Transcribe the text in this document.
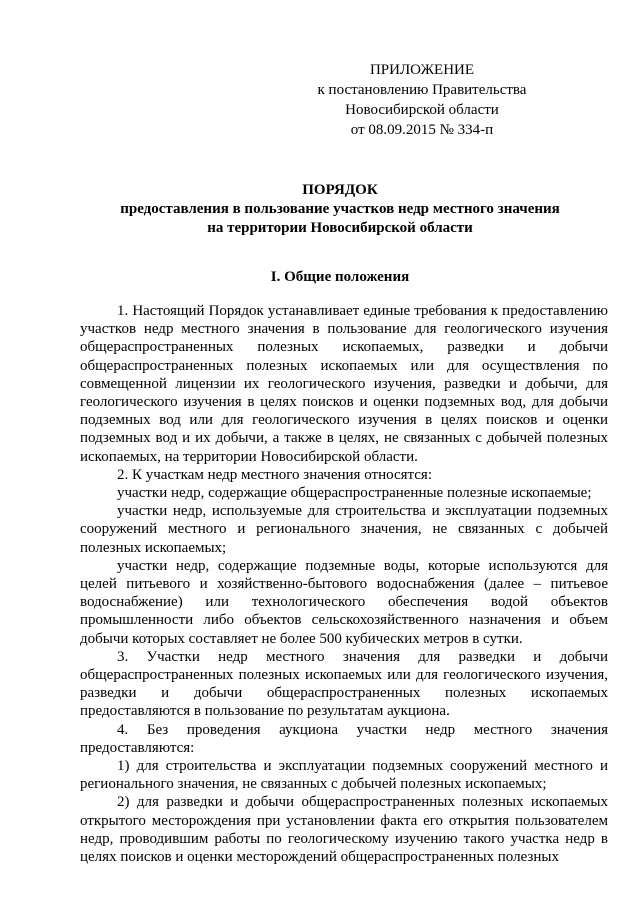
ПРИЛОЖЕНИЕ
к постановлению Правительства
Новосибирской области
от 08.09.2015 № 334-п
ПОРЯДОК
предоставления в пользование участков недр местного значения
на территории Новосибирской области
I. Общие положения

1. Настоящий Порядок устанавливает единые требования к предоставлению участков недр местного значения в пользование для геологического изучения общераспространенных полезных ископаемых, разведки и добычи общераспространенных полезных ископаемых или для осуществления по совмещенной лицензии их геологического изучения, разведки и добычи, для геологического изучения в целях поисков и оценки подземных вод, для добычи подземных вод или для геологического изучения в целях поисков и оценки подземных вод и их добычи, а также в целях, не связанных с добычей полезных ископаемых, на территории Новосибирской области.

2. К участкам недр местного значения относятся:

участки недр, содержащие общераспространенные полезные ископаемые;

участки недр, используемые для строительства и эксплуатации подземных сооружений местного и регионального значения, не связанных с добычей полезных ископаемых;

участки недр, содержащие подземные воды, которые используются для целей питьевого и хозяйственно-бытового водоснабжения (далее – питьевое водоснабжение) или технологического обеспечения водой объектов промышленности либо объектов сельскохозяйственного назначения и объем добычи которых составляет не более 500 кубических метров в сутки.

3. Участки недр местного значения для разведки и добычи общераспространенных полезных ископаемых или для геологического изучения, разведки и добычи общераспространенных полезных ископаемых предоставляются в пользование по результатам аукциона.

4. Без проведения аукциона участки недр местного значения предоставляются:

1) для строительства и эксплуатации подземных сооружений местного и регионального значения, не связанных с добычей полезных ископаемых;

2) для разведки и добычи общераспространенных полезных ископаемых открытого месторождения при установлении факта его открытия пользователем недр, проводившим работы по геологическому изучению такого участка недр в целях поисков и оценки месторождений общераспространенных полезных
